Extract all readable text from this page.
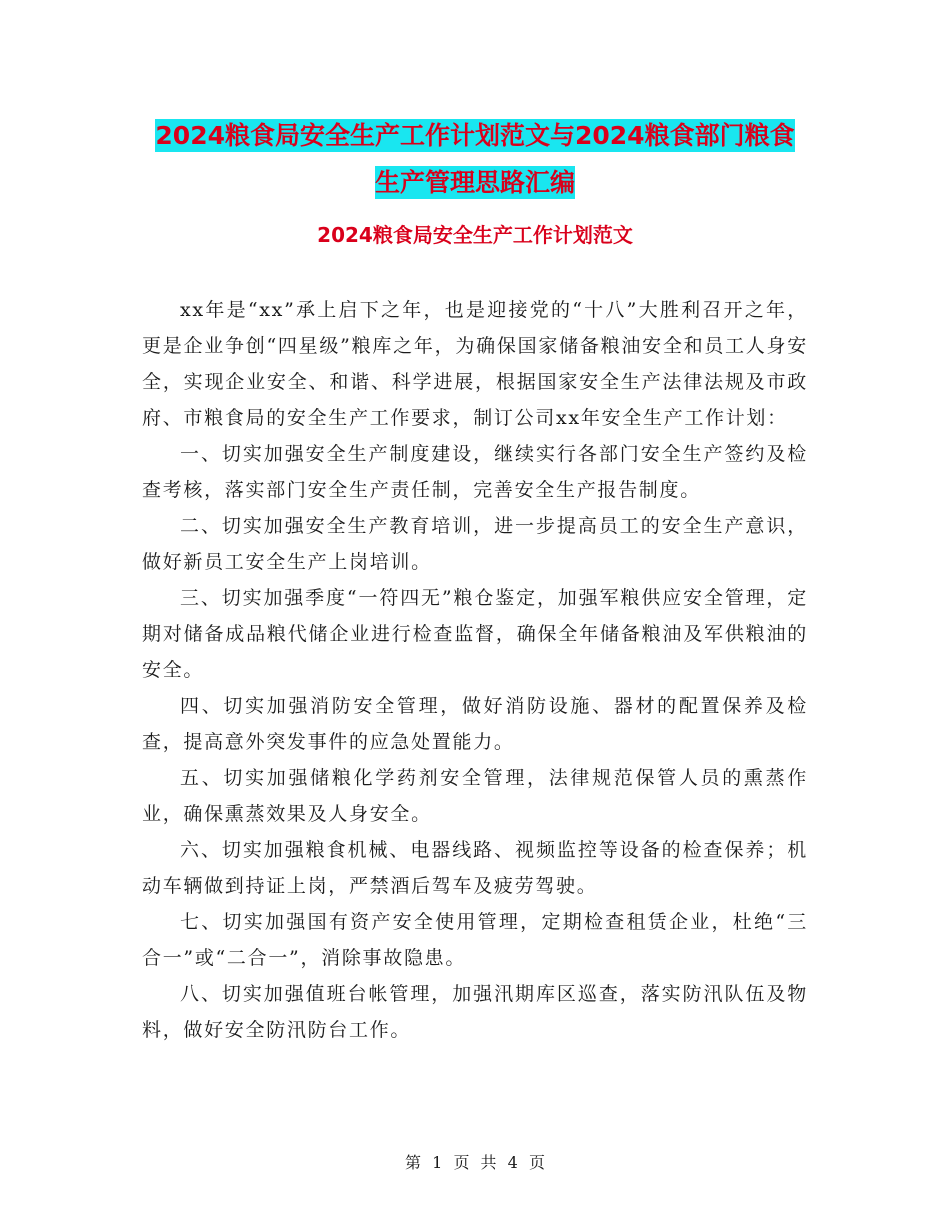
2024粮食局安全生产工作计划范文与2024粮食部门粮食生产管理思路汇编
2024粮食局安全生产工作计划范文

xx年是“xx”承上启下之年，也是迎接党的“十八”大胜利召开之年，更是企业争创“四星级”粮库之年，为确保国家储备粮油安全和员工人身安全，实现企业安全、和谐、科学进展，根据国家安全生产法律法规及市政府、市粮食局的安全生产工作要求，制订公司xx年安全生产工作计划：

一、切实加强安全生产制度建设，继续实行各部门安全生产签约及检查考核，落实部门安全生产责任制，完善安全生产报告制度。

二、切实加强安全生产教育培训，进一步提高员工的安全生产意识，做好新员工安全生产上岗培训。

三、切实加强季度“一符四无”粮仓鉴定，加强军粮供应安全管理，定期对储备成品粮代储企业进行检查监督，确保全年储备粮油及军供粮油的安全。

四、切实加强消防安全管理，做好消防设施、器材的配置保养及检查，提高意外突发事件的应急处置能力。

五、切实加强储粮化学药剂安全管理，法律规范保管人员的熏蒸作业，确保熏蒸效果及人身安全。

六、切实加强粮食机械、电器线路、视频监控等设备的检查保养；机动车辆做到持证上岗，严禁酒后驾车及疲劳驾驶。

七、切实加强国有资产安全使用管理，定期检查租赁企业，杜绝“三合一”或“二合一”，消除事故隐患。

八、切实加强值班台帐管理，加强汛期库区巡查，落实防汛队伍及物料，做好安全防汛防台工作。

第 1 页 共 4 页
